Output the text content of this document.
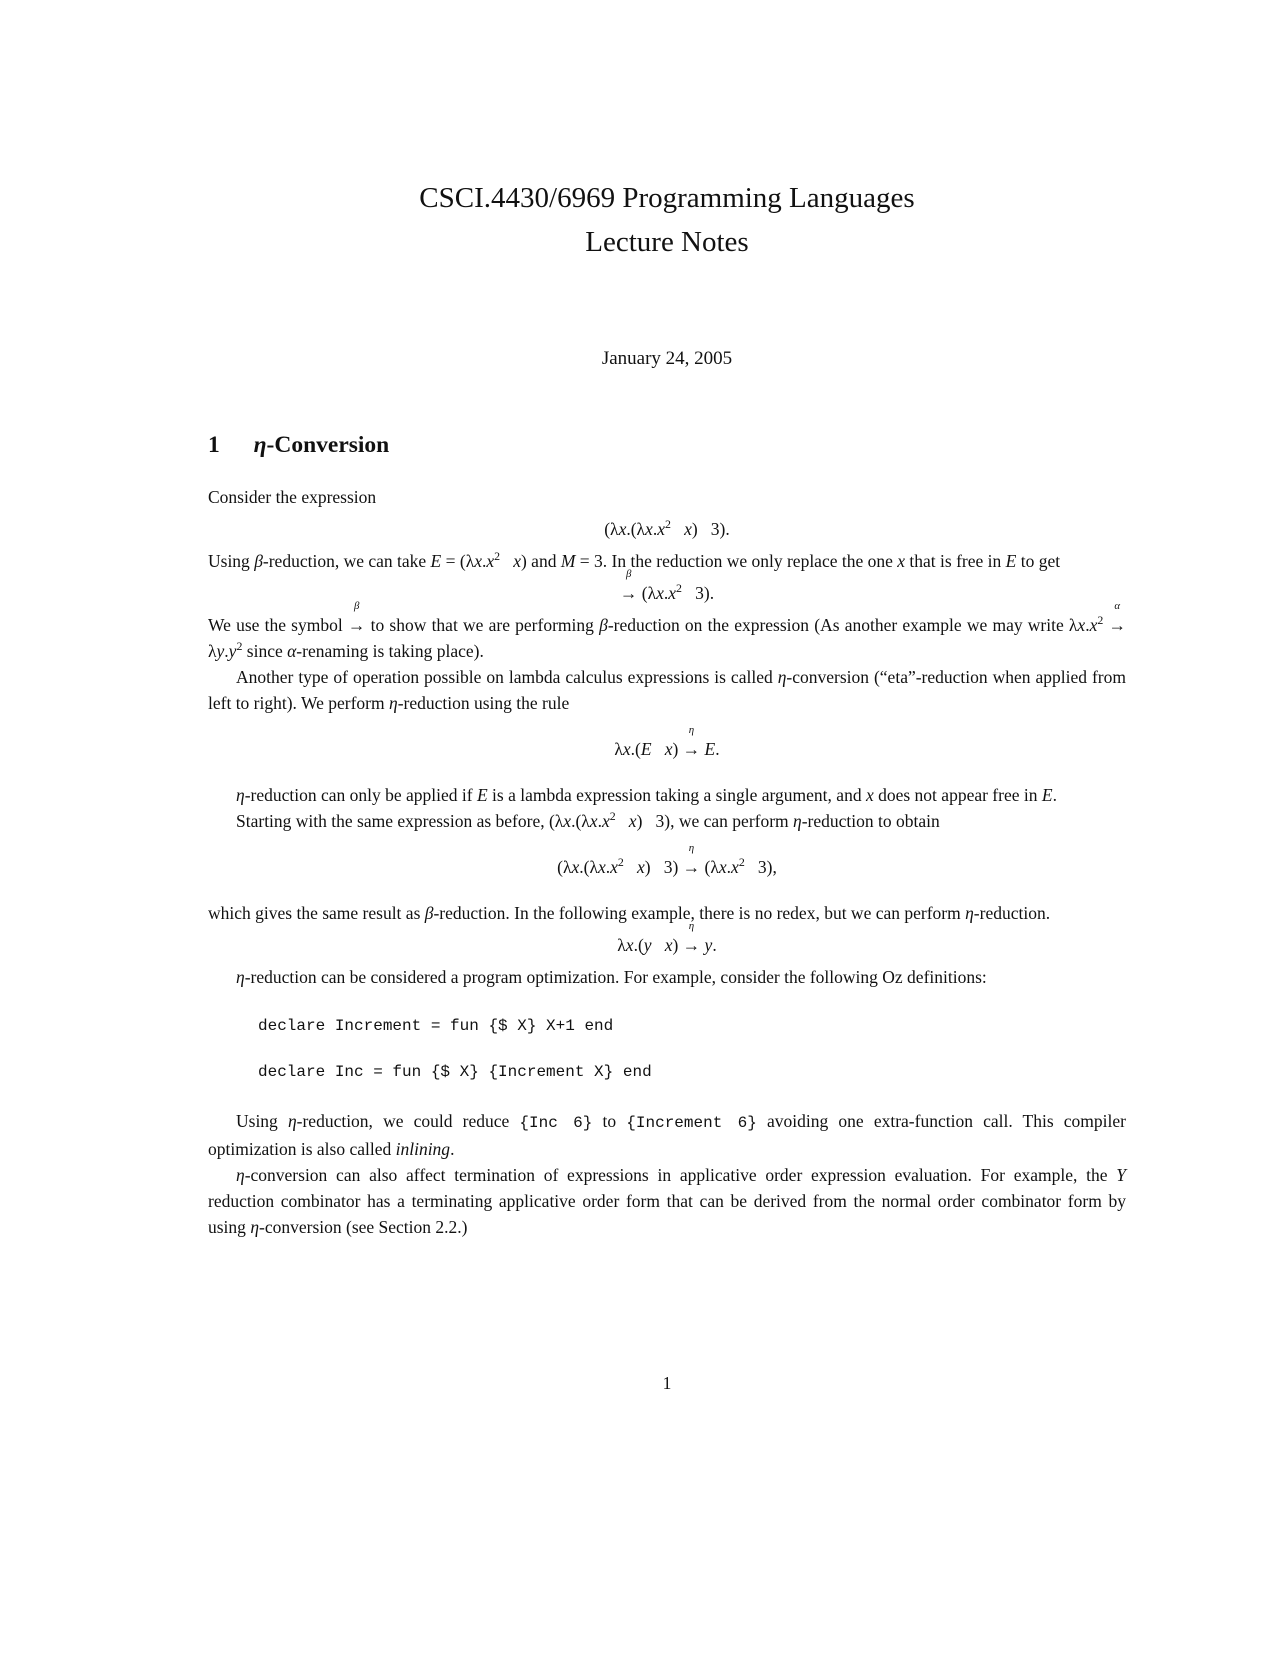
CSCI.4430/6969 Programming Languages
Lecture Notes
January 24, 2005
1 η-Conversion

Consider the expression

($\lambda x.(\lambda x.x^2$ x)   3).

Using β-reduction, we can take $E = (\lambda x.x^2$ x) and M = 3. In the reduction we only replace the one x that is free in E to get

→
β
($\lambda x.x^2$   3).

We use the symbol →
β
to show that we are performing β-reduction on the expression (As another example we may write $\lambda x.x^2$ →
α
$\lambda y.y^2$ since α-renaming is taking place).

Another type of operation possible on lambda calculus expressions is called η-conversion (“eta”-reduction when applied from left to right). We perform η-reduction using the rule

λx.(E x) →
η
E.

η-reduction can only be applied if E is a lambda expression taking a single argument, and x does not appear free in E.

Starting with the same expression as before, ($\lambda x.(\lambda x.x^2$ x)   3), we can perform η-reduction to obtain

($\lambda x.(\lambda x.x^2$ x)   3) →
η
($\lambda x.x^2$   3),

which gives the same result as β-reduction. In the following example, there is no redex, but we can perform η-reduction.

λx.(y x) →
η
y.

η-reduction can be considered a program optimization. For example, consider the following Oz definitions:

declare Increment = fun {$ X} X+1 end
declare Inc = fun {$ X} {Increment X} end

Using η-reduction, we could reduce {Inc 6} to {Increment 6} avoiding one extra-function call. This compiler optimization is also called inlining.

η-conversion can also affect termination of expressions in applicative order expression evaluation. For example, the Y reduction combinator has a terminating applicative order form that can be derived from the normal order combinator form by using η-conversion (see Section 2.2.)

1
